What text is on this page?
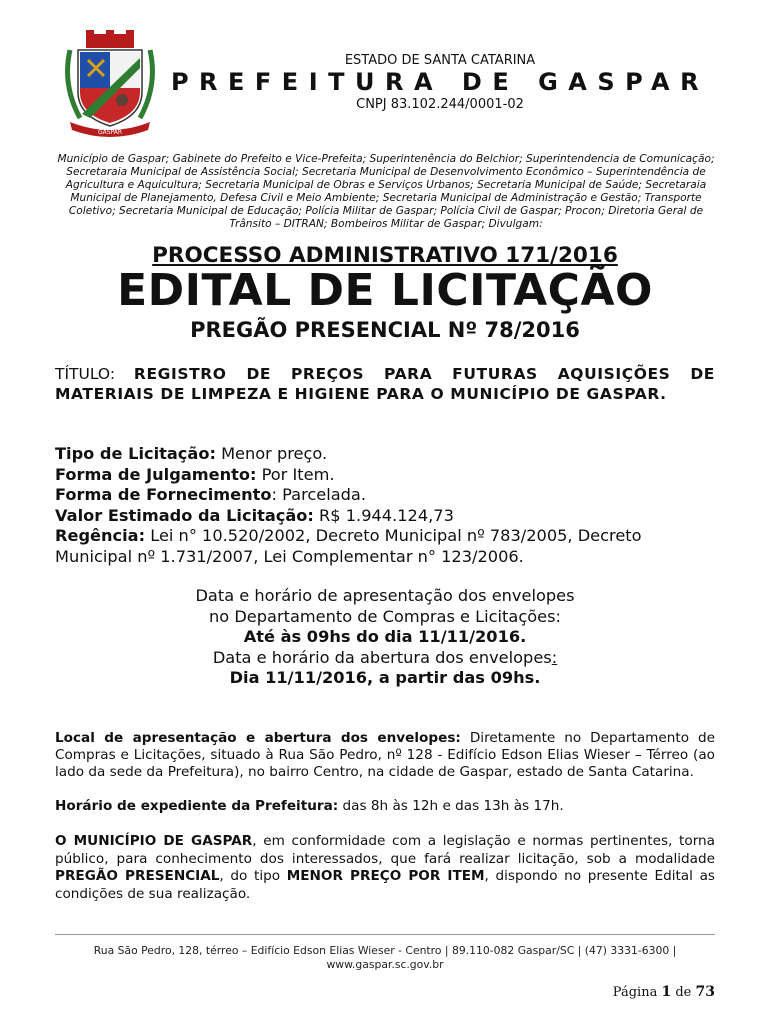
GASPAR
ESTADO DE SANTA CATARINA
PREFEITURA DE GASPAR
CNPJ 83.102.244/0001-02
Município de Gaspar; Gabinete do Prefeito e Vice-Prefeita; Superintenência do Belchior; Superintendencia de Comunicação; Secretaraia Municipal de Assistência Social; Secretaria Municipal de Desenvolvimento Econômico – Superintendência de Agricultura e Aquicultura; Secretaria Municipal de Obras e Serviços Urbanos; Secretaria Municipal de Saúde; Secretaraia Municipal de Planejamento, Defesa Civil e Meio Ambiente; Secretaria Municipal de Administração e Gestão; Transporte Coletivo; Secretaria Municipal de Educação; Polícia Militar de Gaspar; Polícia Civil de Gaspar; Procon; Diretoria Geral de Trânsito – DITRAN; Bombeiros Militar de Gaspar; Divulgam:
PROCESSO ADMINISTRATIVO 171/2016
EDITAL DE LICITAÇÃO
PREGÃO PRESENCIAL Nº 78/2016
TÍTULO: REGISTRO DE PREÇOS PARA FUTURAS AQUISIÇÕES DE MATERIAIS DE LIMPEZA E HIGIENE PARA O MUNICÍPIO DE GASPAR.
Tipo de Licitação: Menor preço.
Forma de Julgamento: Por Item.
Forma de Fornecimento: Parcelada.
Valor Estimado da Licitação: R$ 1.944.124,73
Regência: Lei n° 10.520/2002, Decreto Municipal nº 783/2005, Decreto
Municipal nº 1.731/2007, Lei Complementar n° 123/2006.
Data e horário de apresentação dos envelopes
no Departamento de Compras e Licitações:
Até às 09hs do dia 11/11/2016.
Data e horário da abertura dos envelopes:
Dia 11/11/2016, a partir das 09hs.
Local de apresentação e abertura dos envelopes: Diretamente no Departamento de Compras e Licitações, situado à Rua São Pedro, nº 128 - Edifício Edson Elias Wieser – Térreo (ao lado da sede da Prefeitura), no bairro Centro, na cidade de Gaspar, estado de Santa Catarina.
Horário de expediente da Prefeitura: das 8h às 12h e das 13h às 17h.
O MUNICÍPIO DE GASPAR, em conformidade com a legislação e normas pertinentes, torna público, para conhecimento dos interessados, que fará realizar licitação, sob a modalidade PREGÃO PRESENCIAL, do tipo MENOR PREÇO POR ITEM, dispondo no presente Edital as condições de sua realização.
Rua São Pedro, 128, térreo – Edifício Edson Elias Wieser - Centro | 89.110-082 Gaspar/SC | (47) 3331-6300 |
www.gaspar.sc.gov.br
Página 1 de 73
